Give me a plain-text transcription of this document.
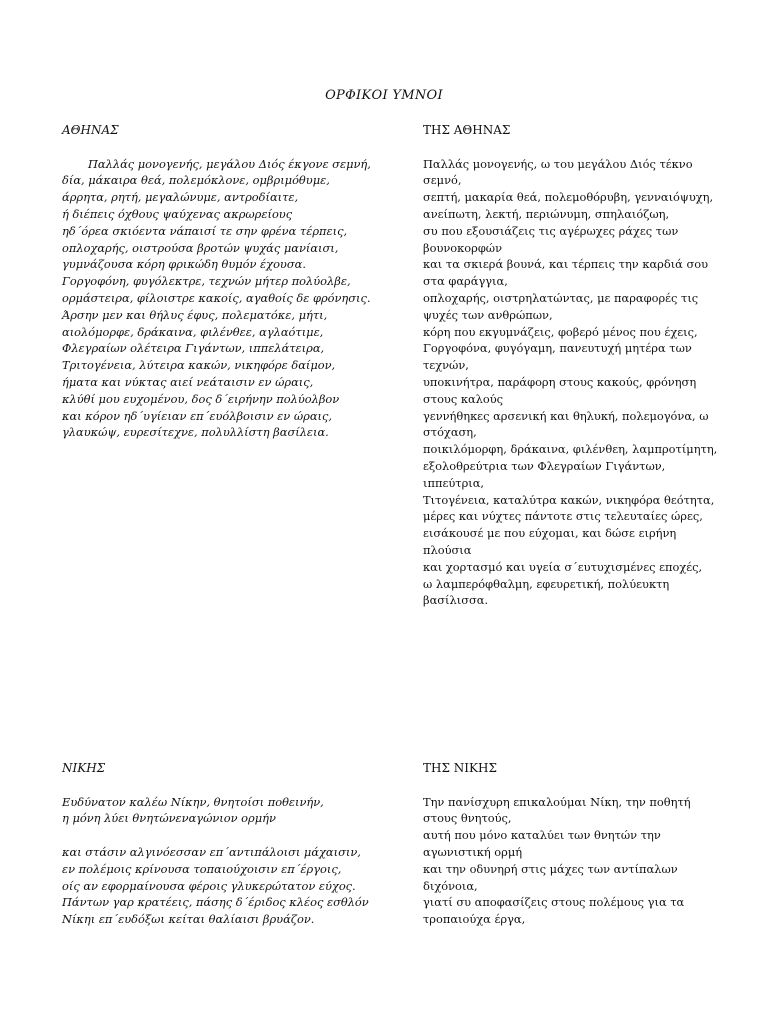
ΟΡΦΙΚΟΙ ΥΜΝΟΙ
ΑΘΗΝΑΣ
Παλλάς μονογενής, μεγάλου Διός έκγονε σεμνή,
δία, μάκαιρα θεά, πολεμόκλονε, ομβριμόθυμε,
άρρητα, ρητή, μεγαλώνυμε, αντροδίαιτε,
ή διέπεις όχθους ψαύχενας ακρωρείους
ηδ΄όρεα σκιόεντα νάπαισί τε σην φρένα τέρπεις,
οπλοχαρής, οιστρούσα βροτών ψυχάς μανίαισι,
γυμνάζουσα κόρη φρικώδη θυμόν έχουσα.
Γοργοφόνη, φυγόλεκτρε, τεχνών μήτερ πολύολβε,
ορμάστειρα, φίλοιστρε κακοίς, αγαθοίς δε φρόνησις.
Άρσην μεν και θήλυς έφυς, πολεματόκε, μήτι,
αιολόμορφε, δράκαινα, φιλένθεε, αγλαότιμε,
Φλεγραίων ολέτειρα Γιγάντων, ιππελάτειρα,
Τριτογένεια, λύτειρα κακών, νικηφόρε δαίμον,
ήματα και νύκτας αιεί νεάταισιν εν ώραις,
κλύθί μου ευχομένου, δος δ΄ειρήνην πολύολβον
και κόρον ηδ΄υγίειαν επ΄ευόλβοισιν εν ώραις,
γλαυκώψ, ευρεσίτεχνε, πολυλλίστη βασίλεια.
ΤΗΣ ΑΘΗΝΑΣ
Παλλάς μονογενής, ω του μεγάλου Διός τέκνο σεμνό,
σεπτή, μακαρία θεά, πολεμοθόρυβη, γενναιόψυχη,
ανείπωτη, λεκτή, περιώνυμη, σπηλαιόζωη,
συ που εξουσιάζεις τις αγέρωχες ράχες των βουνοκορφών
και τα σκιερά βουνά, και τέρπεις την καρδιά σου στα φαράγγια,
οπλοχαρής, οιστρηλατώντας, με παραφορές τις ψυχές των ανθρώπων,
κόρη που εκγυμνάζεις, φοβερό μένος που έχεις,
Γοργοφόνα, φυγόγαμη, πανευτυχή μητέρα των τεχνών,
υποκινήτρα, παράφορη στους κακούς, φρόνηση στους καλούς
γεννήθηκες αρσενική και θηλυκή, πολεμογόνα, ω στόχαση,
ποικιλόμορφη, δράκαινα, φιλένθεη, λαμπροτίμητη,
εξολοθρεύτρια των Φλεγραίων Γιγάντων, ιππεύτρια,
Τιτογένεια, καταλύτρα κακών, νικηφόρα θεότητα,
μέρες και νύχτες πάντοτε στις τελευταίες ώρες,
εισάκουσέ με που εύχομαι, και δώσε ειρήνη πλούσια
και χορτασμό και υγεία σ΄ευτυχισμένες εποχές,
ω λαμπερόφθαλμη, εφευρετική, πολύευκτη βασίλισσα.
ΝΙΚΗΣ
Ευδύνατον καλέω Νίκην, θνητοίσι ποθεινήν,
η μόνη λύει θνητώνεναγώνιον ορμήν
και στάσιν αλγινόεσσαν επ΄αντιπάλοισι μάχαισιν,
εν πολέμοις κρίνουσα τοπαιούχοισιν επ΄έργοις,
οίς αν εφορμαίνουσα φέροις γλυκερώτατον εύχος.
Πάντων γαρ κρατέεις, πάσης δ΄έριδος κλέος εσθλόν
Νίκηι επ΄ευδόξωι κείται θαλίαισι βρυάζον.
ΤΗΣ ΝΙΚΗΣ
Την πανίσχυρη επικαλούμαι Νίκη, την ποθητή στους θνητούς,
αυτή που μόνο καταλύει των θνητών την αγωνιστική ορμή
και την οδυνηρή στις μάχες των αντίπαλων διχόνοια,
γιατί συ αποφασίζεις στους πολέμους για τα τροπαιούχα έργα,
